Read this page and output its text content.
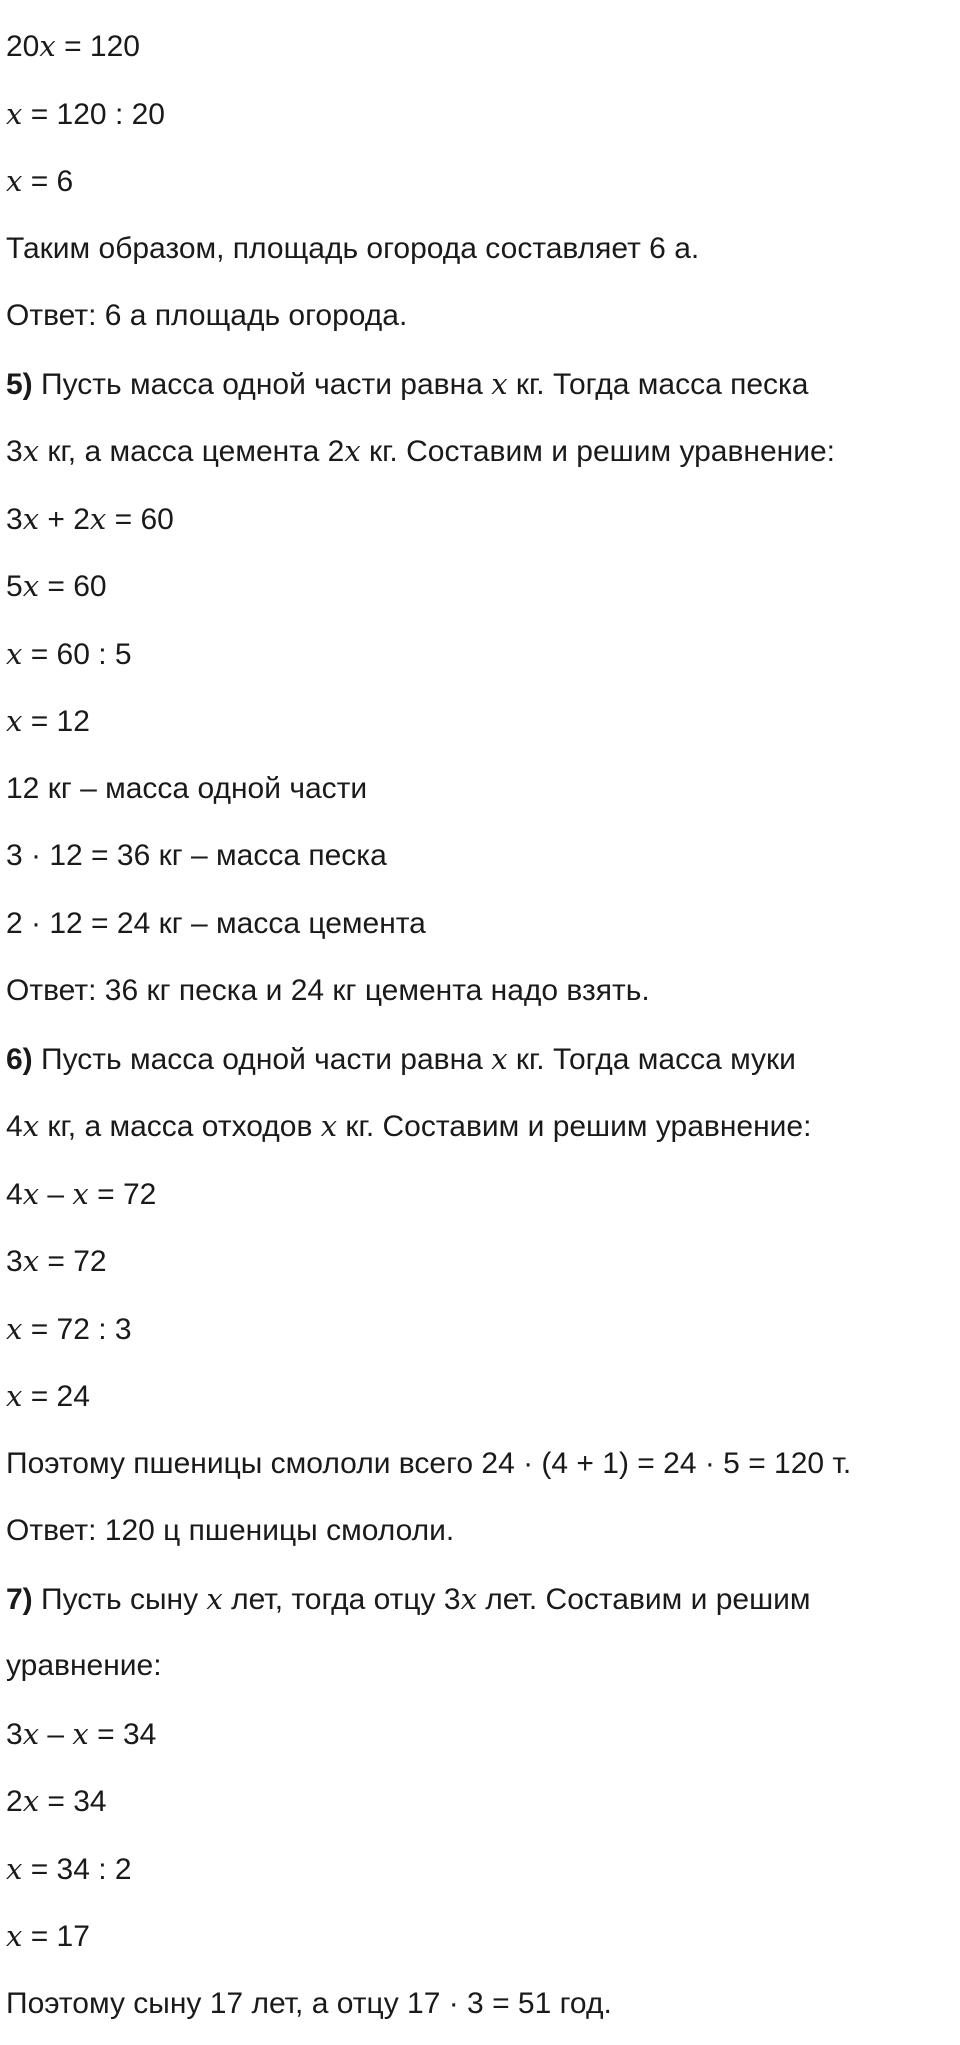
20𝑥 = 120
𝑥 = 120 : 20
𝑥 = 6
Таким образом, площадь огорода составляет 6 а.
Ответ: 6 а площадь огорода.
5) Пусть масса одной части равна 𝑥 кг. Тогда масса песка
3𝑥 кг, а масса цемента 2𝑥 кг. Составим и решим уравнение:
3𝑥 + 2𝑥 = 60
5𝑥 = 60
𝑥 = 60 : 5
𝑥 = 12
12 кг – масса одной части
3 · 12 = 36 кг – масса песка
2 · 12 = 24 кг – масса цемента
Ответ: 36 кг песка и 24 кг цемента надо взять.
6) Пусть масса одной части равна 𝑥 кг. Тогда масса муки
4𝑥 кг, а масса отходов 𝑥 кг. Составим и решим уравнение:
4𝑥 – 𝑥 = 72
3𝑥 = 72
𝑥 = 72 : 3
𝑥 = 24
Поэтому пшеницы смололи всего 24 · (4 + 1) = 24 · 5 = 120 т.
Ответ: 120 ц пшеницы смололи.
7) Пусть сыну 𝑥 лет, тогда отцу 3𝑥 лет. Составим и решим
уравнение:
3𝑥 – 𝑥 = 34
2𝑥 = 34
𝑥 = 34 : 2
𝑥 = 17
Поэтому сыну 17 лет, а отцу 17 · 3 = 51 год.
